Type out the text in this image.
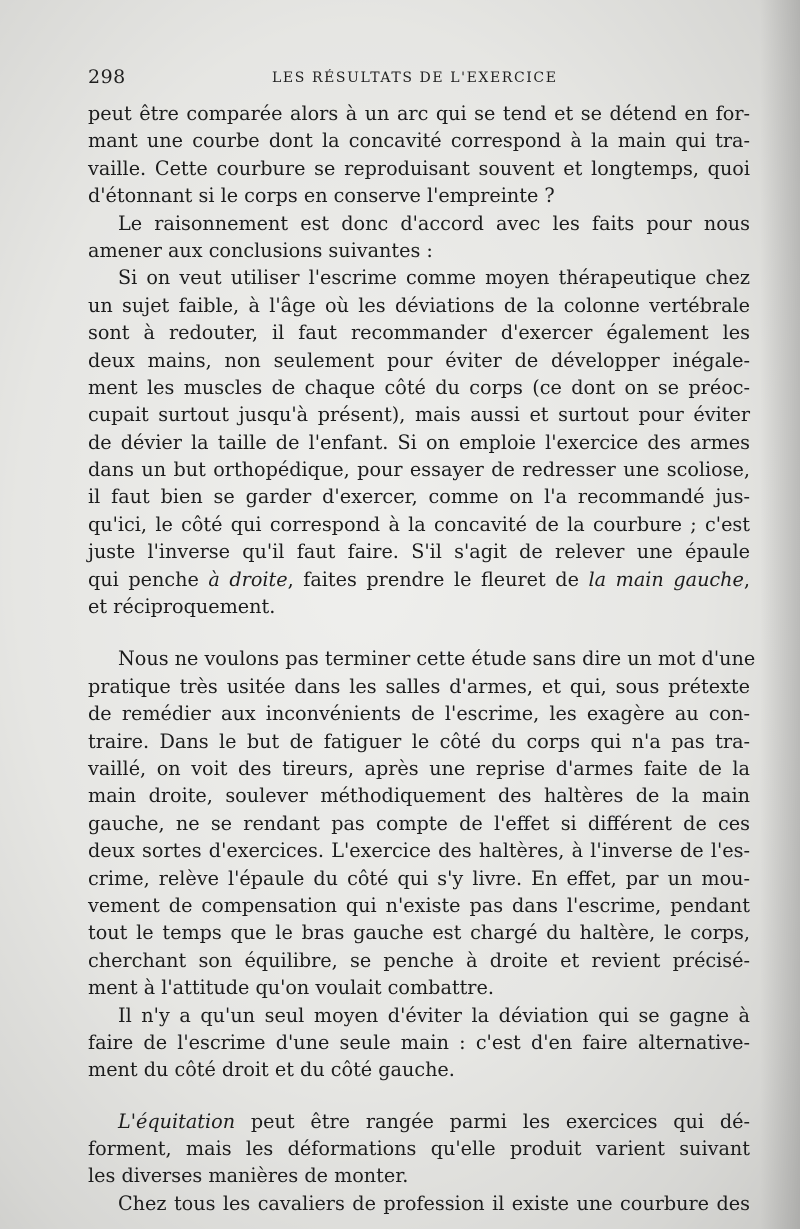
298	LES RÉSULTATS DE L'EXERCICE
peut être comparée alors à un arc qui se tend et se détend en for-
mant une courbe dont la concavité correspond à la main qui tra-
vaille. Cette courbure se reproduisant souvent et longtemps, quoi
d'étonnant si le corps en conserve l'empreinte ?
Le raisonnement est donc d'accord avec les faits pour nous
amener aux conclusions suivantes :
Si on veut utiliser l'escrime comme moyen thérapeutique chez
un sujet faible, à l'âge où les déviations de la colonne vertébrale
sont à redouter, il faut recommander d'exercer également les
deux mains, non seulement pour éviter de développer inégale-
ment les muscles de chaque côté du corps (ce dont on se préoc-
cupait surtout jusqu'à présent), mais aussi et surtout pour éviter
de dévier la taille de l'enfant. Si on emploie l'exercice des armes
dans un but orthopédique, pour essayer de redresser une scoliose,
il faut bien se garder d'exercer, comme on l'a recommandé jus-
qu'ici, le côté qui correspond à la concavité de la courbure ; c'est
juste l'inverse qu'il faut faire. S'il s'agit de relever une épaule
qui penche à droite, faites prendre le fleuret de la main gauche,
et réciproquement.
Nous ne voulons pas terminer cette étude sans dire un mot d'une
pratique très usitée dans les salles d'armes, et qui, sous prétexte
de remédier aux inconvénients de l'escrime, les exagère au con-
traire. Dans le but de fatiguer le côté du corps qui n'a pas tra-
vaillé, on voit des tireurs, après une reprise d'armes faite de la
main droite, soulever méthodiquement des haltères de la main
gauche, ne se rendant pas compte de l'effet si différent de ces
deux sortes d'exercices. L'exercice des haltères, à l'inverse de l'es-
crime, relève l'épaule du côté qui s'y livre. En effet, par un mou-
vement de compensation qui n'existe pas dans l'escrime, pendant
tout le temps que le bras gauche est chargé du haltère, le corps,
cherchant son équilibre, se penche à droite et revient précisé-
ment à l'attitude qu'on voulait combattre.
Il n'y a qu'un seul moyen d'éviter la déviation qui se gagne à
faire de l'escrime d'une seule main : c'est d'en faire alternative-
ment du côté droit et du côté gauche.
L'équitation peut être rangée parmi les exercices qui dé-
forment, mais les déformations qu'elle produit varient suivant
les diverses manières de monter.
Chez tous les cavaliers de profession il existe une courbure des
